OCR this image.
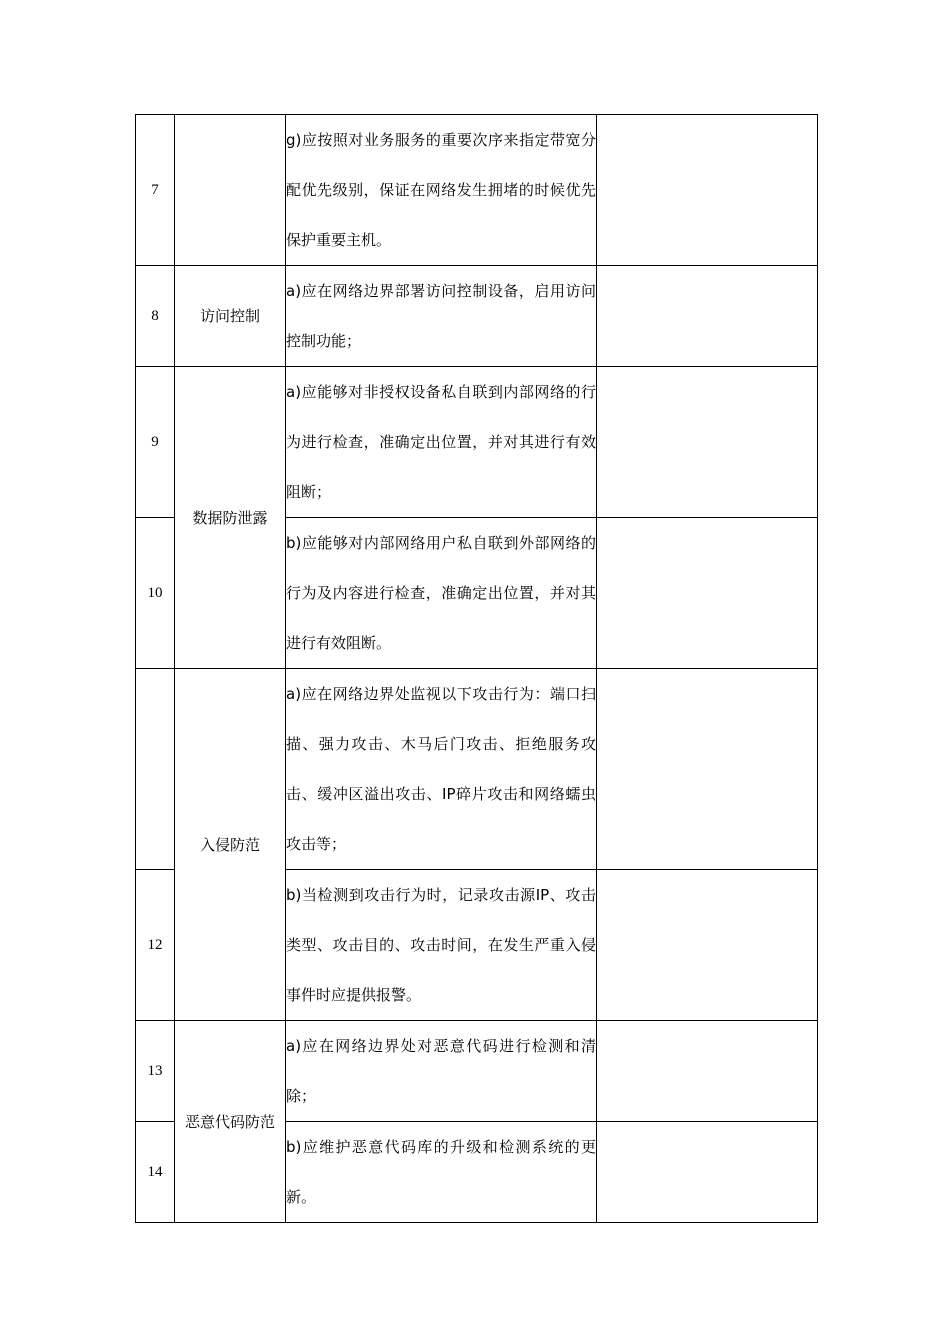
7		g)应按照对业务服务的重要次序来指定带宽分配优先级别，保证在网络发生拥堵的时候优先保护重要主机。	
8	访问控制	a)应在网络边界部署访问控制设备，启用访问控制功能；	
9	数据防泄露	a)应能够对非授权设备私自联到内部网络的行为进行检查，准确定出位置，并对其进行有效阻断；	
10		b)应能够对内部网络用户私自联到外部网络的行为及内容进行检查，准确定出位置，并对其进行有效阻断。	
	入侵防范	a)应在网络边界处监视以下攻击行为：端口扫描、强力攻击、木马后门攻击、拒绝服务攻击、缓冲区溢出攻击、IP碎片攻击和网络蠕虫攻击等；	
12		b)当检测到攻击行为时，记录攻击源IP、攻击类型、攻击目的、攻击时间，在发生严重入侵事件时应提供报警。	
13	恶意代码防范	a)应在网络边界处对恶意代码进行检测和清除；	
14		b)应维护恶意代码库的升级和检测系统的更新。	
